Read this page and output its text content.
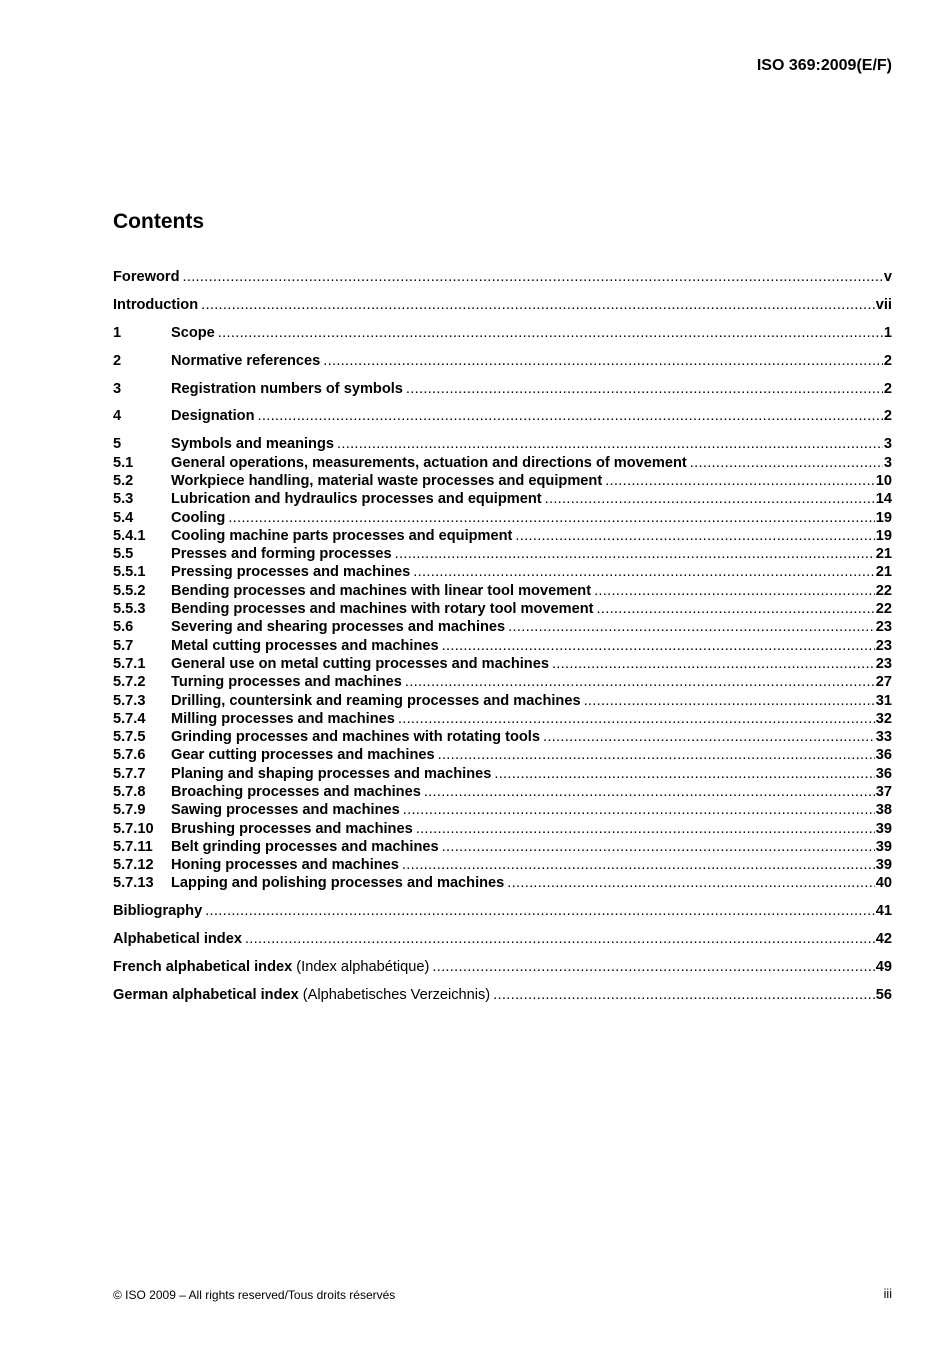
ISO 369:2009(E/F)
Contents
Foreword .....	v
Introduction .....	vii
1	Scope .....	1
2	Normative references .....	2
3	Registration numbers of symbols .....	2
4	Designation .....	2
5	Symbols and meanings .....	3
5.1	General operations, measurements, actuation and directions of movement .....	3
5.2	Workpiece handling, material waste processes and equipment .....	10
5.3	Lubrication and hydraulics processes and equipment .....	14
5.4	Cooling .....	19
5.4.1	Cooling machine parts processes and equipment .....	19
5.5	Presses and forming processes .....	21
5.5.1	Pressing processes and machines .....	21
5.5.2	Bending processes and machines with linear tool movement .....	22
5.5.3	Bending processes and machines with rotary tool movement .....	22
5.6	Severing and shearing processes and machines .....	23
5.7	Metal cutting processes and machines .....	23
5.7.1	General use on metal cutting processes and machines .....	23
5.7.2	Turning processes and machines .....	27
5.7.3	Drilling, countersink and reaming processes and machines .....	31
5.7.4	Milling processes and machines .....	32
5.7.5	Grinding processes and machines with rotating tools .....	33
5.7.6	Gear cutting processes and machines .....	36
5.7.7	Planing and shaping processes and machines .....	36
5.7.8	Broaching processes and machines .....	37
5.7.9	Sawing processes and machines .....	38
5.7.10	Brushing processes and machines .....	39
5.7.11	Belt grinding processes and machines .....	39
5.7.12	Honing processes and machines .....	39
5.7.13	Lapping and polishing processes and machines .....	40
Bibliography .....	41
Alphabetical index .....	42
French alphabetical index (Index alphabétique) .....	49
German alphabetical index (Alphabetisches Verzeichnis) .....	56
© ISO 2009 – All rights reserved/Tous droits réservés	iii
